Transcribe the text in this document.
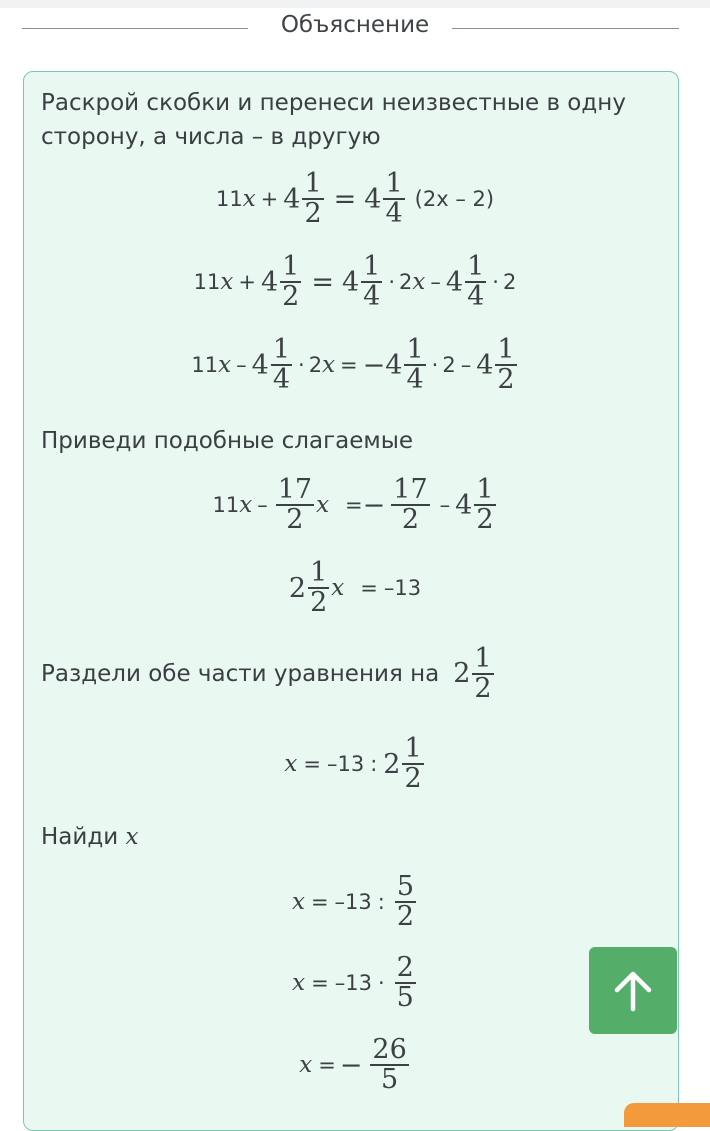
Объяснение
Раскрой скобки и перенеси неизвестные в одну сторону, а числа – в другую
11 $x + 4 \frac{1}{2} = 4 \frac{1}{4} (2x - 2)$
11 $x + 4 \frac{1}{2} = 4 \frac{1}{4} \cdot 2$ $x - 4 \frac{1}{4} \cdot 2$
11 $x - 4 \frac{1}{4} \cdot 2$ x = − $4 \frac{1}{4} \cdot 2 - 4 \frac{1}{2}$
Приведи подобные слагаемые
11 x – $\frac{17}{2}$ x = − $\frac{17}{2} - 4 \frac{1}{2}$
$2 \frac{1}{2}$ x = –13
Раздели обе части уравнения на $2 \frac{1}{2}$
x = –13 : $2 \frac{1}{2}$
Найди x
x = –13 : $\frac{5}{2}$
$x = -13 \cdot \frac{2}{5}$
x = − $\frac{26}{5}$
